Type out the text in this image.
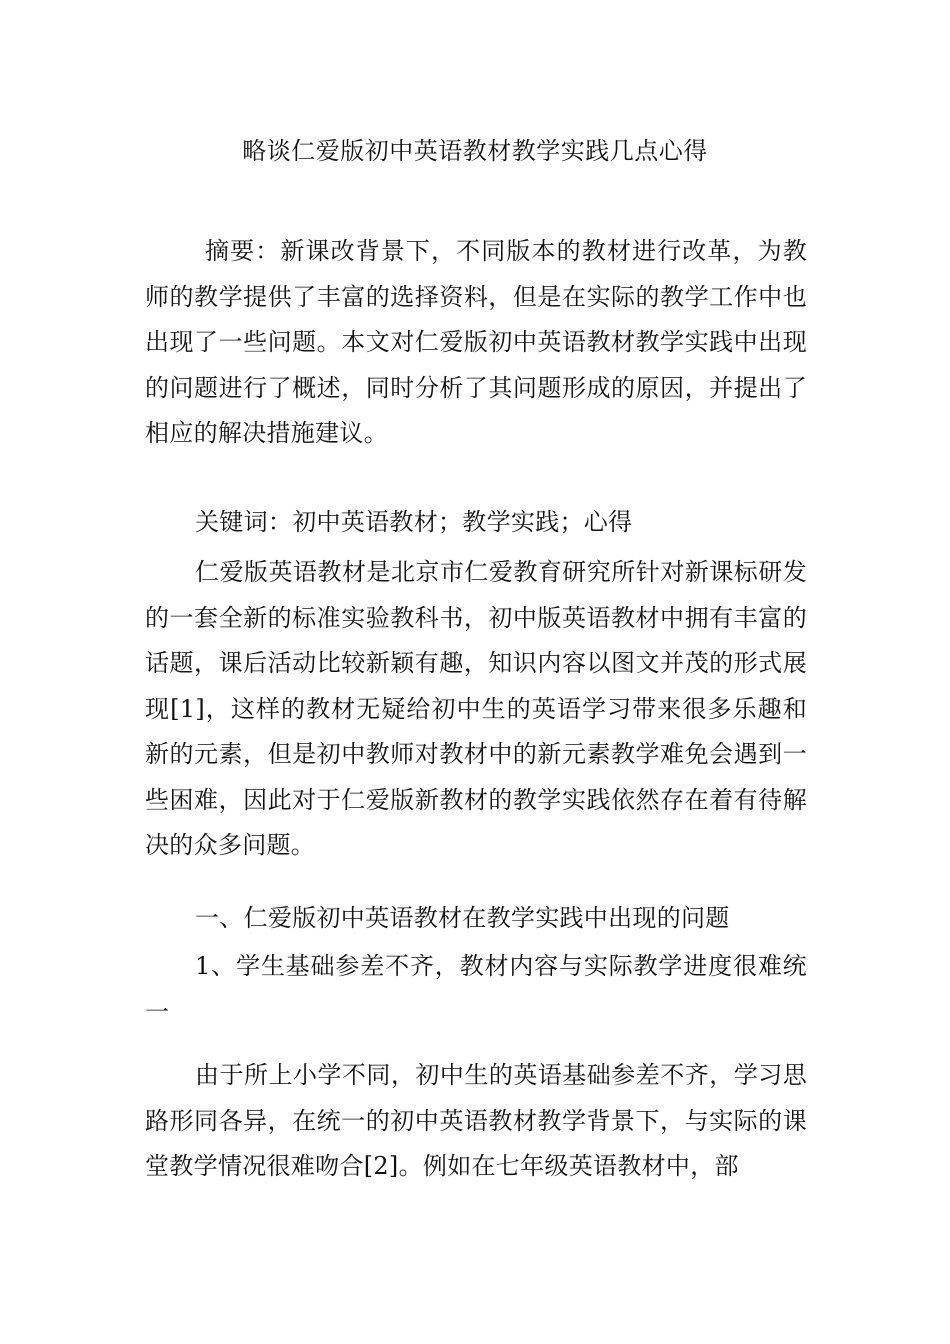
略谈仁爱版初中英语教材教学实践几点心得

摘要：新课改背景下，不同版本的教材进行改革，为教师的教学提供了丰富的选择资料，但是在实际的教学工作中也出现了一些问题。本文对仁爱版初中英语教材教学实践中出现的问题进行了概述，同时分析了其问题形成的原因，并提出了相应的解决措施建议。

关键词：初中英语教材；教学实践；心得

仁爱版英语教材是北京市仁爱教育研究所针对新课标研发的一套全新的标准实验教科书，初中版英语教材中拥有丰富的话题，课后活动比较新颖有趣，知识内容以图文并茂的形式展现[1]，这样的教材无疑给初中生的英语学习带来很多乐趣和新的元素，但是初中教师对教材中的新元素教学难免会遇到一些困难，因此对于仁爱版新教材的教学实践依然存在着有待解决的众多问题。

一、仁爱版初中英语教材在教学实践中出现的问题

1、学生基础参差不齐，教材内容与实际教学进度很难统一

由于所上小学不同，初中生的英语基础参差不齐，学习思路形同各异，在统一的初中英语教材教学背景下，与实际的课堂教学情况很难吻合[2]。例如在七年级英语教材中，部
